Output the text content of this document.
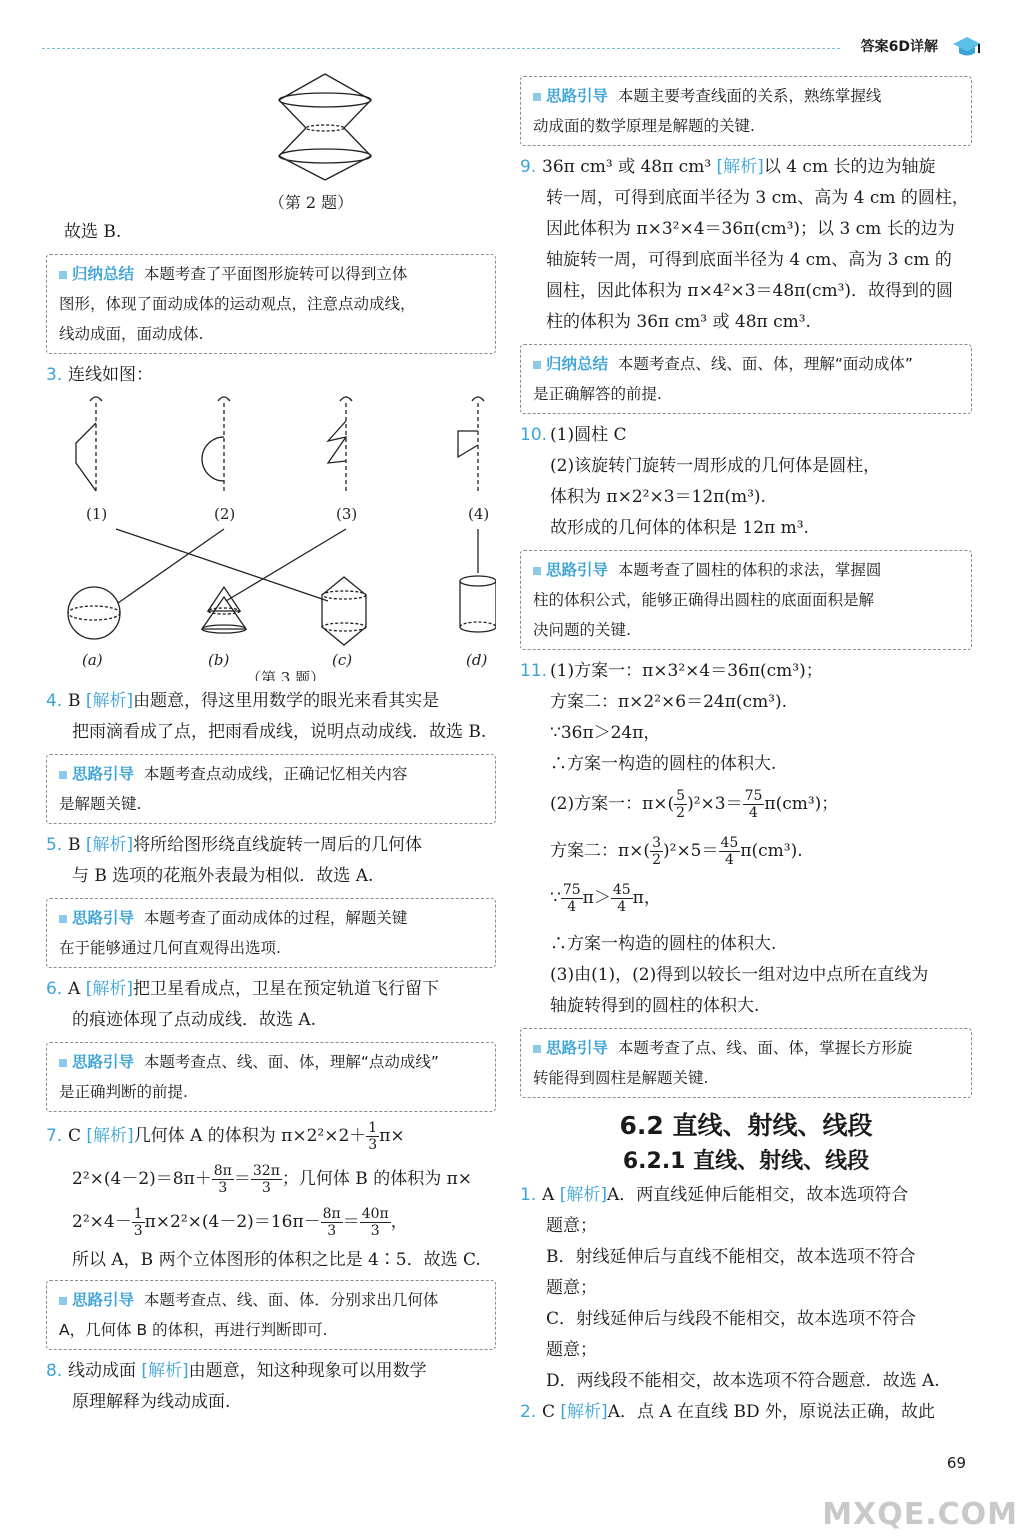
答案6D详解
（第 2 题）
故选 B.
归纳总结 本题考查了平面图形旋转可以得到立体
图形，体现了面动成体的运动观点，注意点动成线，
线动成面，面动成体.
3. 连线如图：
(1)	(2)	(3)	(4)
(a)	(b)	(c)	(d)
（第 3 题）
4. B [解析]由题意，得这里用数学的眼光来看其实是
把雨滴看成了点，把雨看成线，说明点动成线．故选 B.
思路引导 本题考查点动成线，正确记忆相关内容
是解题关键.
5. B [解析]将所给图形绕直线旋转一周后的几何体
与 B 选项的花瓶外表最为相似．故选 A.
思路引导 本题考查了面动成体的过程，解题关键
在于能够通过几何直观得出选项.
6. A [解析]把卫星看成点，卫星在预定轨道飞行留下
的痕迹体现了点动成线．故选 A.
思路引导 本题考查点、线、面、体，理解“点动成线”
是正确判断的前提.
7. C [解析]几何体 A 的体积为 $\pi\times 2^2\times 2+ \frac{1}{3} \pi\times$
$2^2\times(4-2)=8\pi+ \frac{8\pi}{3} = \frac{32\pi}{3}$ ；几何体 B 的体积为 π×
$2^2\times 4- \frac{1}{3} \pi\times 2^2\times(4-2)=16\pi- \frac{8\pi}{3} = \frac{40\pi}{3}$ ，
所以 A，B 两个立体图形的体积之比是 4∶5．故选 C.
思路引导 本题考查点、线、面、体．分别求出几何体
A，几何体 B 的体积，再进行判断即可.
8. 线动成面 [解析]由题意，知这种现象可以用数学
原理解释为线动成面.
思路引导 本题主要考查线面的关系，熟练掌握线
动成面的数学原理是解题的关键.
9. 36π cm³ 或 48π cm³ [解析]以 4 cm 长的边为轴旋
转一周，可得到底面半径为 3 cm、高为 4 cm 的圆柱，
因此体积为 π×3²×4＝36π(cm³)；以 3 cm 长的边为
轴旋转一周，可得到底面半径为 4 cm、高为 3 cm 的
圆柱，因此体积为 π×4²×3＝48π(cm³)．故得到的圆
柱的体积为 36π cm³ 或 48π cm³.
归纳总结 本题考查点、线、面、体，理解“面动成体”
是正确解答的前提.
10. (1)圆柱 C
(2)该旋转门旋转一周形成的几何体是圆柱，
体积为 π×2²×3＝12π(m³).
故形成的几何体的体积是 12π m³.
思路引导 本题考查了圆柱的体积的求法，掌握圆
柱的体积公式，能够正确得出圆柱的底面面积是解
决问题的关键.
11. (1)方案一：π×3²×4＝36π(cm³)；
方案二：π×2²×6＝24π(cm³).
∵36π＞24π，
∴方案一构造的圆柱的体积大.
(2)方案一：$\pi\times( \frac{5}{2} )^2\times 3= \frac{75}{4} \pi(cm^3)$；
方案二：$\pi\times( \frac{3}{2} )^2\times 5= \frac{45}{4} \pi(cm^3)$.
∵ $\frac{75}{4} \pi> \frac{45}{4}$ π，
∴方案一构造的圆柱的体积大.
(3)由(1)，(2)得到以较长一组对边中点所在直线为
轴旋转得到的圆柱的体积大.
思路引导 本题考查了点、线、面、体，掌握长方形旋
转能得到圆柱是解题关键.
6.2 直线、射线、线段
6.2.1 直线、射线、线段
1. A [解析]A．两直线延伸后能相交，故本选项符合
题意；
B．射线延伸后与直线不能相交，故本选项不符合
题意；
C．射线延伸后与线段不能相交，故本选项不符合
题意；
D．两线段不能相交，故本选项不符合题意．故选 A.
2. C [解析]A．点 A 在直线 BD 外，原说法正确，故此
69
MXQE.COM
